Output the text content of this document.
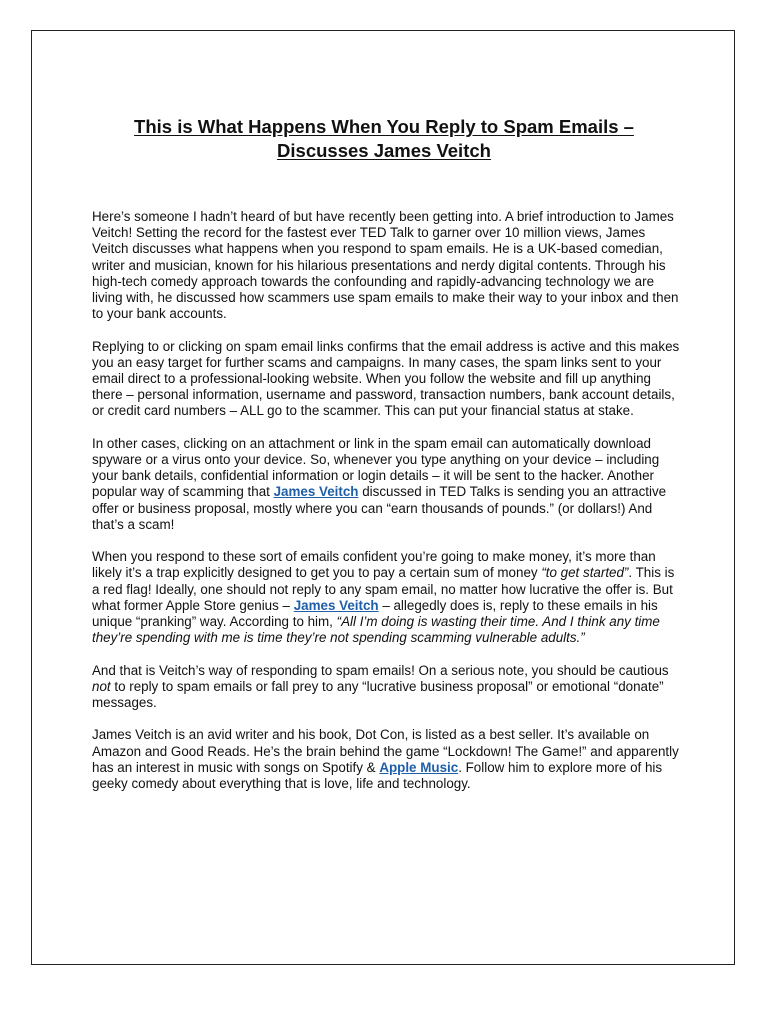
This is What Happens When You Reply to Spam Emails –
Discusses James Veitch

Here’s someone I hadn’t heard of but have recently been getting into. A brief introduction to James Veitch! Setting the record for the fastest ever TED Talk to garner over 10 million views, James Veitch discusses what happens when you respond to spam emails. He is a UK-based comedian, writer and musician, known for his hilarious presentations and nerdy digital contents. Through his high-tech comedy approach towards the confounding and rapidly-advancing technology we are living with, he discussed how scammers use spam emails to make their way to your inbox and then to your bank accounts.

Replying to or clicking on spam email links confirms that the email address is active and this makes you an easy target for further scams and campaigns. In many cases, the spam links sent to your email direct to a professional-looking website. When you follow the website and fill up anything there – personal information, username and password, transaction numbers, bank account details, or credit card numbers – ALL go to the scammer. This can put your financial status at stake.

In other cases, clicking on an attachment or link in the spam email can automatically download spyware or a virus onto your device. So, whenever you type anything on your device – including your bank details, confidential information or login details – it will be sent to the hacker. Another popular way of scamming that James Veitch discussed in TED Talks is sending you an attractive offer or business proposal, mostly where you can “earn thousands of pounds.” (or dollars!) And that’s a scam!

When you respond to these sort of emails confident you’re going to make money, it’s more than likely it’s a trap explicitly designed to get you to pay a certain sum of money “to get started”. This is a red flag! Ideally, one should not reply to any spam email, no matter how lucrative the offer is. But what former Apple Store genius – James Veitch – allegedly does is, reply to these emails in his unique “pranking” way. According to him, “All I’m doing is wasting their time. And I think any time they’re spending with me is time they’re not spending scamming vulnerable adults.”

And that is Veitch’s way of responding to spam emails! On a serious note, you should be cautious not to reply to spam emails or fall prey to any “lucrative business proposal” or emotional “donate” messages.

James Veitch is an avid writer and his book, Dot Con, is listed as a best seller. It’s available on Amazon and Good Reads. He’s the brain behind the game “Lockdown! The Game!” and apparently has an interest in music with songs on Spotify & Apple Music. Follow him to explore more of his geeky comedy about everything that is love, life and technology.
